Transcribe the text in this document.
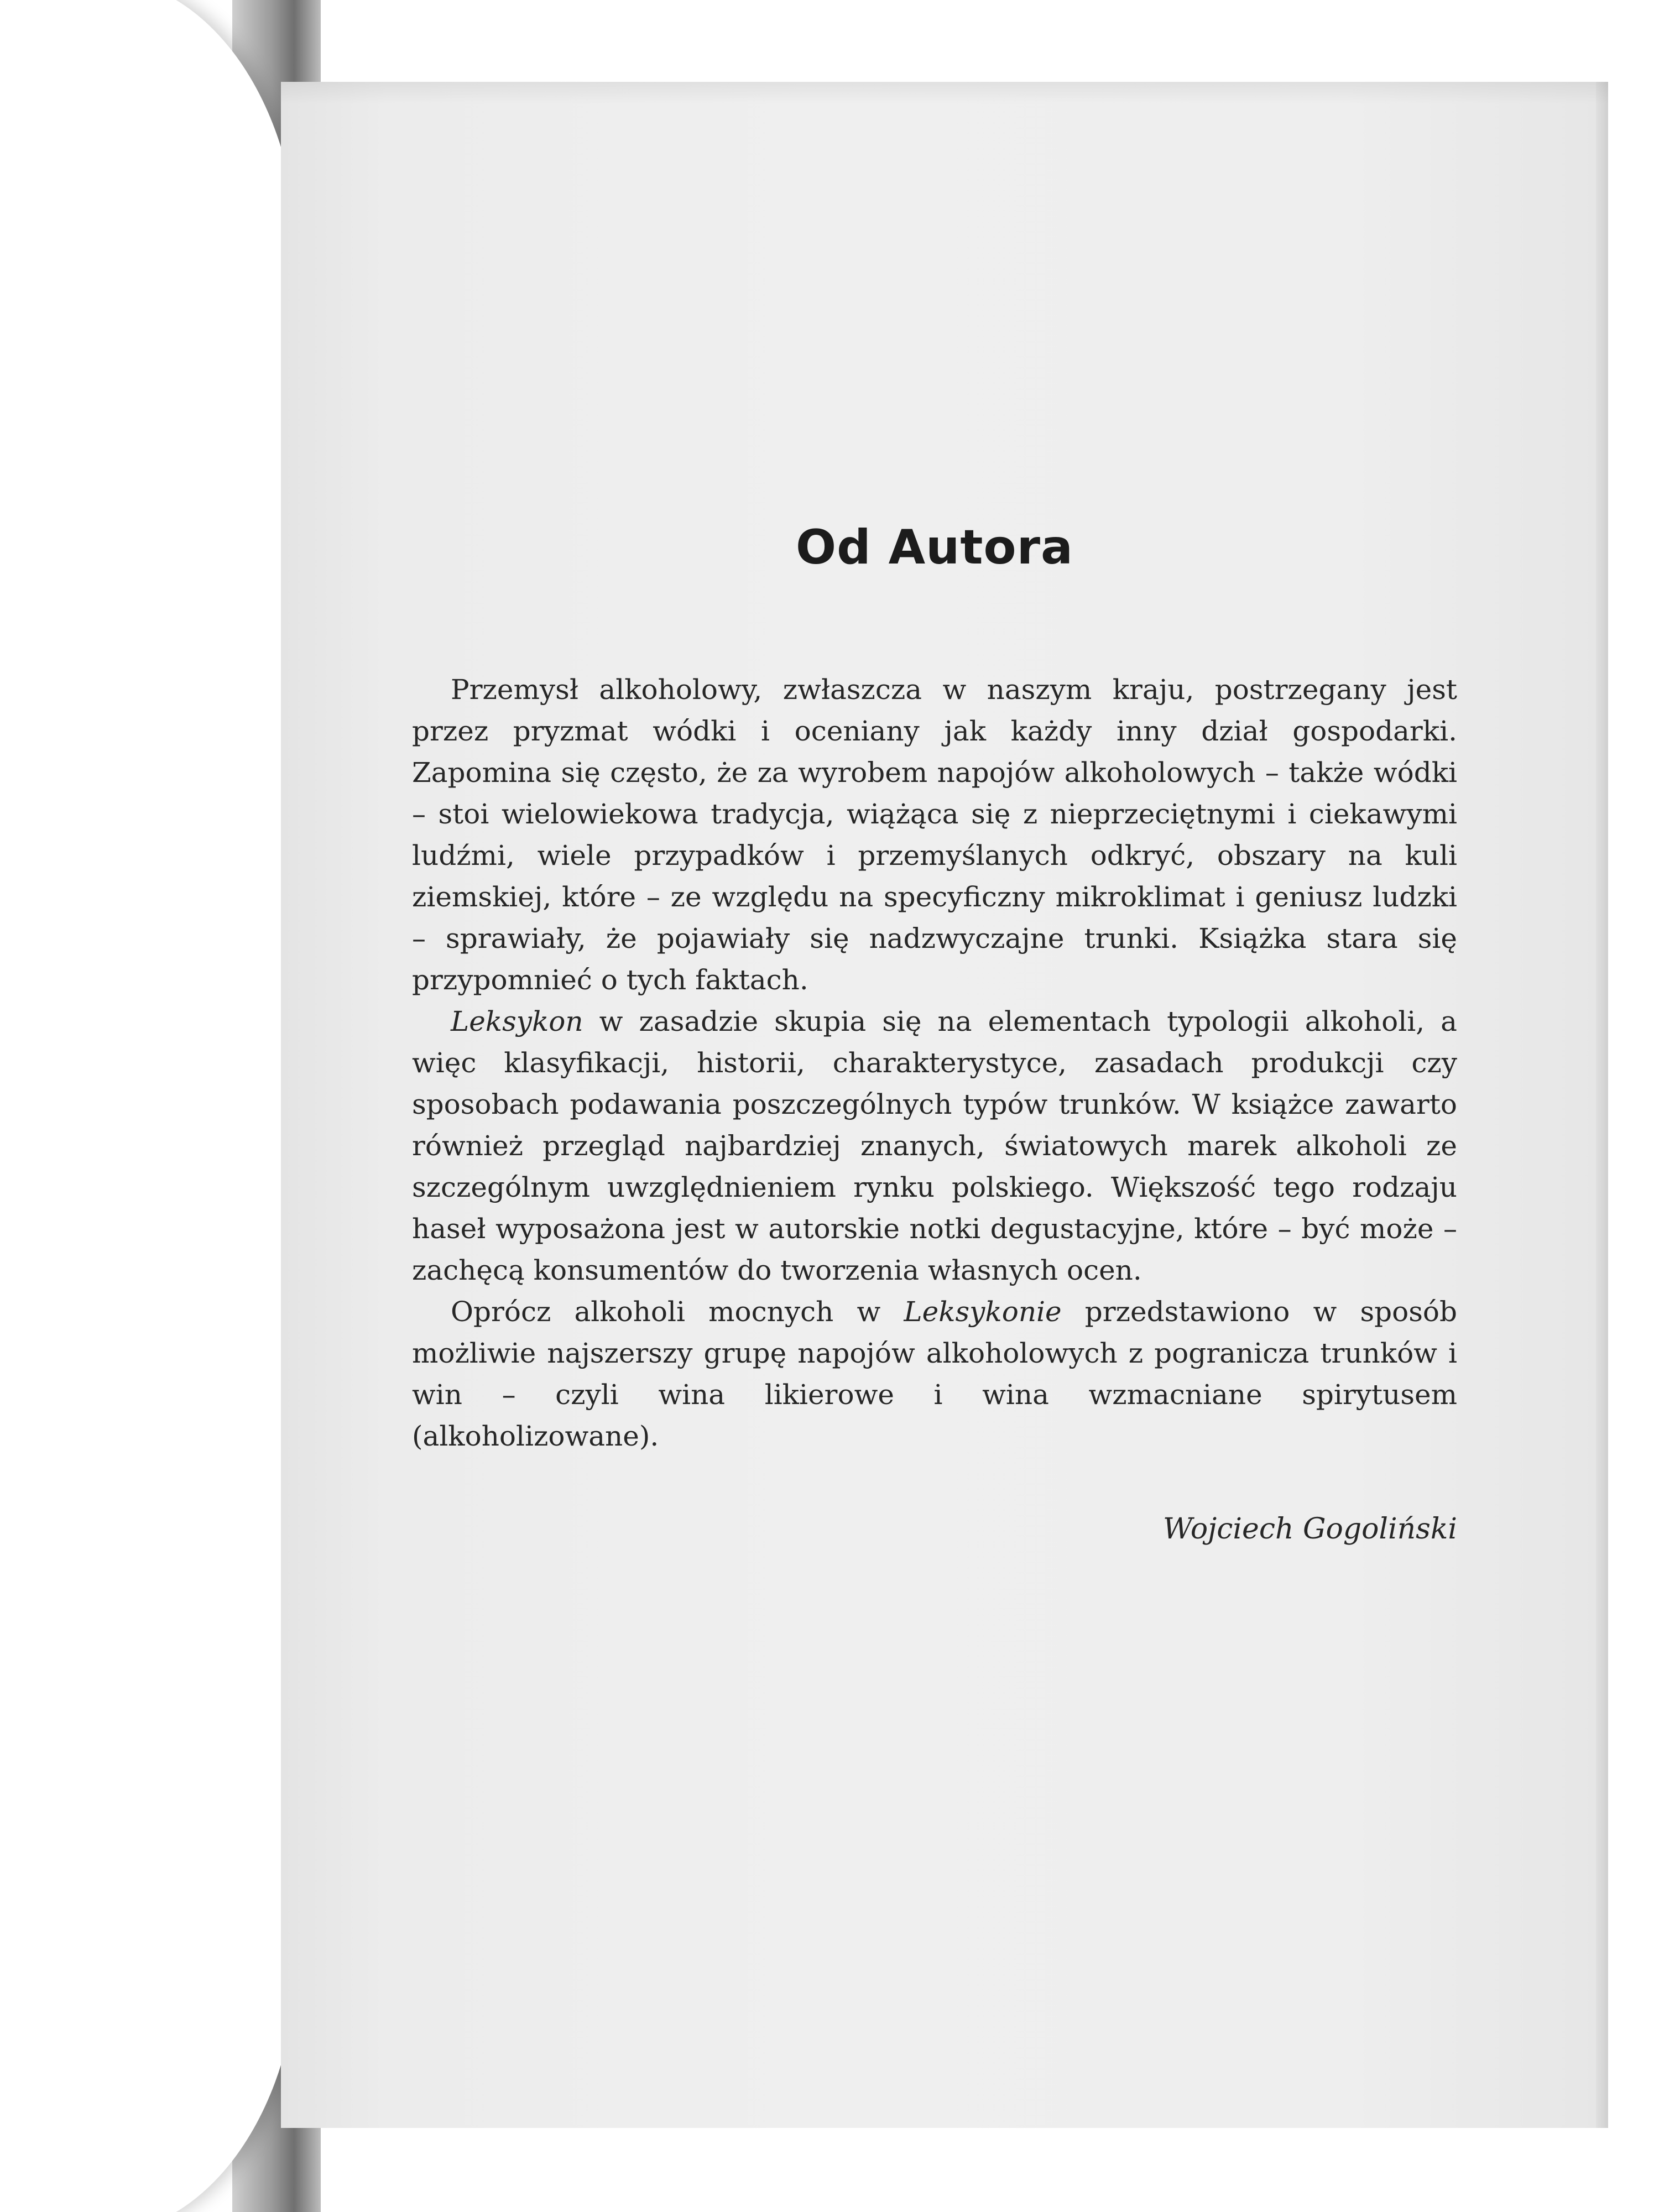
Od Autora

Przemysł alkoholowy, zwłaszcza w naszym kraju, postrzegany jest przez pryzmat wódki i oceniany jak każdy inny dział gospodarki. Zapomina się często, że za wyrobem napojów alkoholowych – także wódki – stoi wielowiekowa tradycja, wiążąca się z nieprzeciętnymi i ciekawymi ludźmi, wiele przypadków i przemyślanych odkryć, obszary na kuli ziemskiej, które – ze względu na specyficzny mikroklimat i geniusz ludzki – sprawiały, że pojawiały się nadzwyczajne trunki. Książka stara się przypomnieć o tych faktach.

Leksykon w zasadzie skupia się na elementach typologii alkoholi, a więc klasyfikacji, historii, charakterystyce, zasadach produkcji czy sposobach podawania poszczególnych typów trunków. W książce zawarto również przegląd najbardziej znanych, światowych marek alkoholi ze szczególnym uwzględnieniem rynku polskiego. Większość tego rodzaju haseł wyposażona jest w autorskie notki degustacyjne, które – być może – zachęcą konsumentów do tworzenia własnych ocen.

Oprócz alkoholi mocnych w Leksykonie przedstawiono w sposób możliwie najszerszy grupę napojów alkoholowych z pogranicza trunków i win – czyli wina likierowe i wina wzmacniane spirytusem (alkoholizowane).

Wojciech Gogoliński
